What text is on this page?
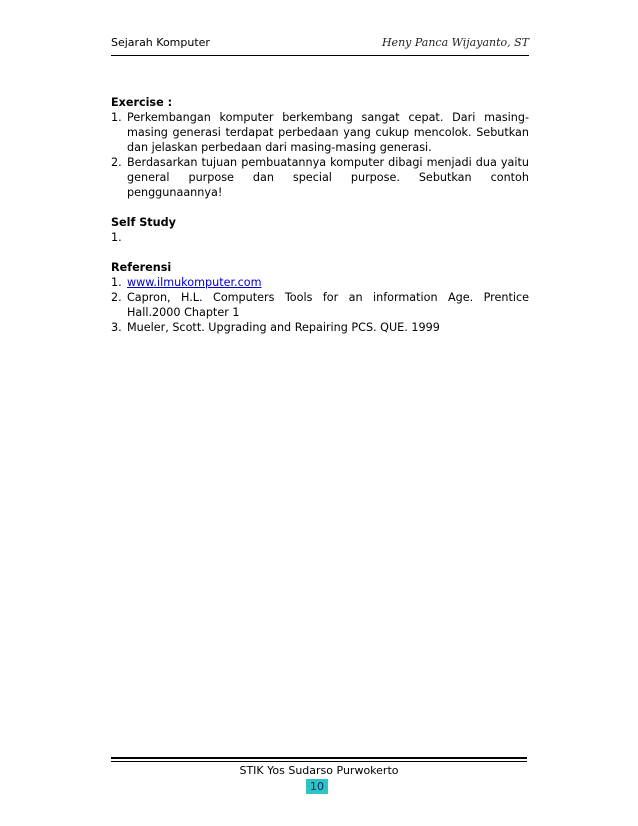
Sejarah Komputer	Heny Panca Wijayanto, ST

Exercise :

1. Perkembangan komputer berkembang sangat cepat. Dari masing-masing generasi terdapat perbedaan yang cukup mencolok. Sebutkan dan jelaskan perbedaan dari masing-masing generasi.
2. Berdasarkan tujuan pembuatannya komputer dibagi menjadi dua yaitu general purpose dan special purpose. Sebutkan contoh penggunaannya!

Self Study

1.

Referensi

1. www.ilmukomputer.com
2. Capron, H.L. Computers Tools for an information Age. Prentice Hall.2000 Chapter 1
3. Mueler, Scott. Upgrading and Repairing PCS. QUE. 1999
STIK Yos Sudarso Purwokerto
10
